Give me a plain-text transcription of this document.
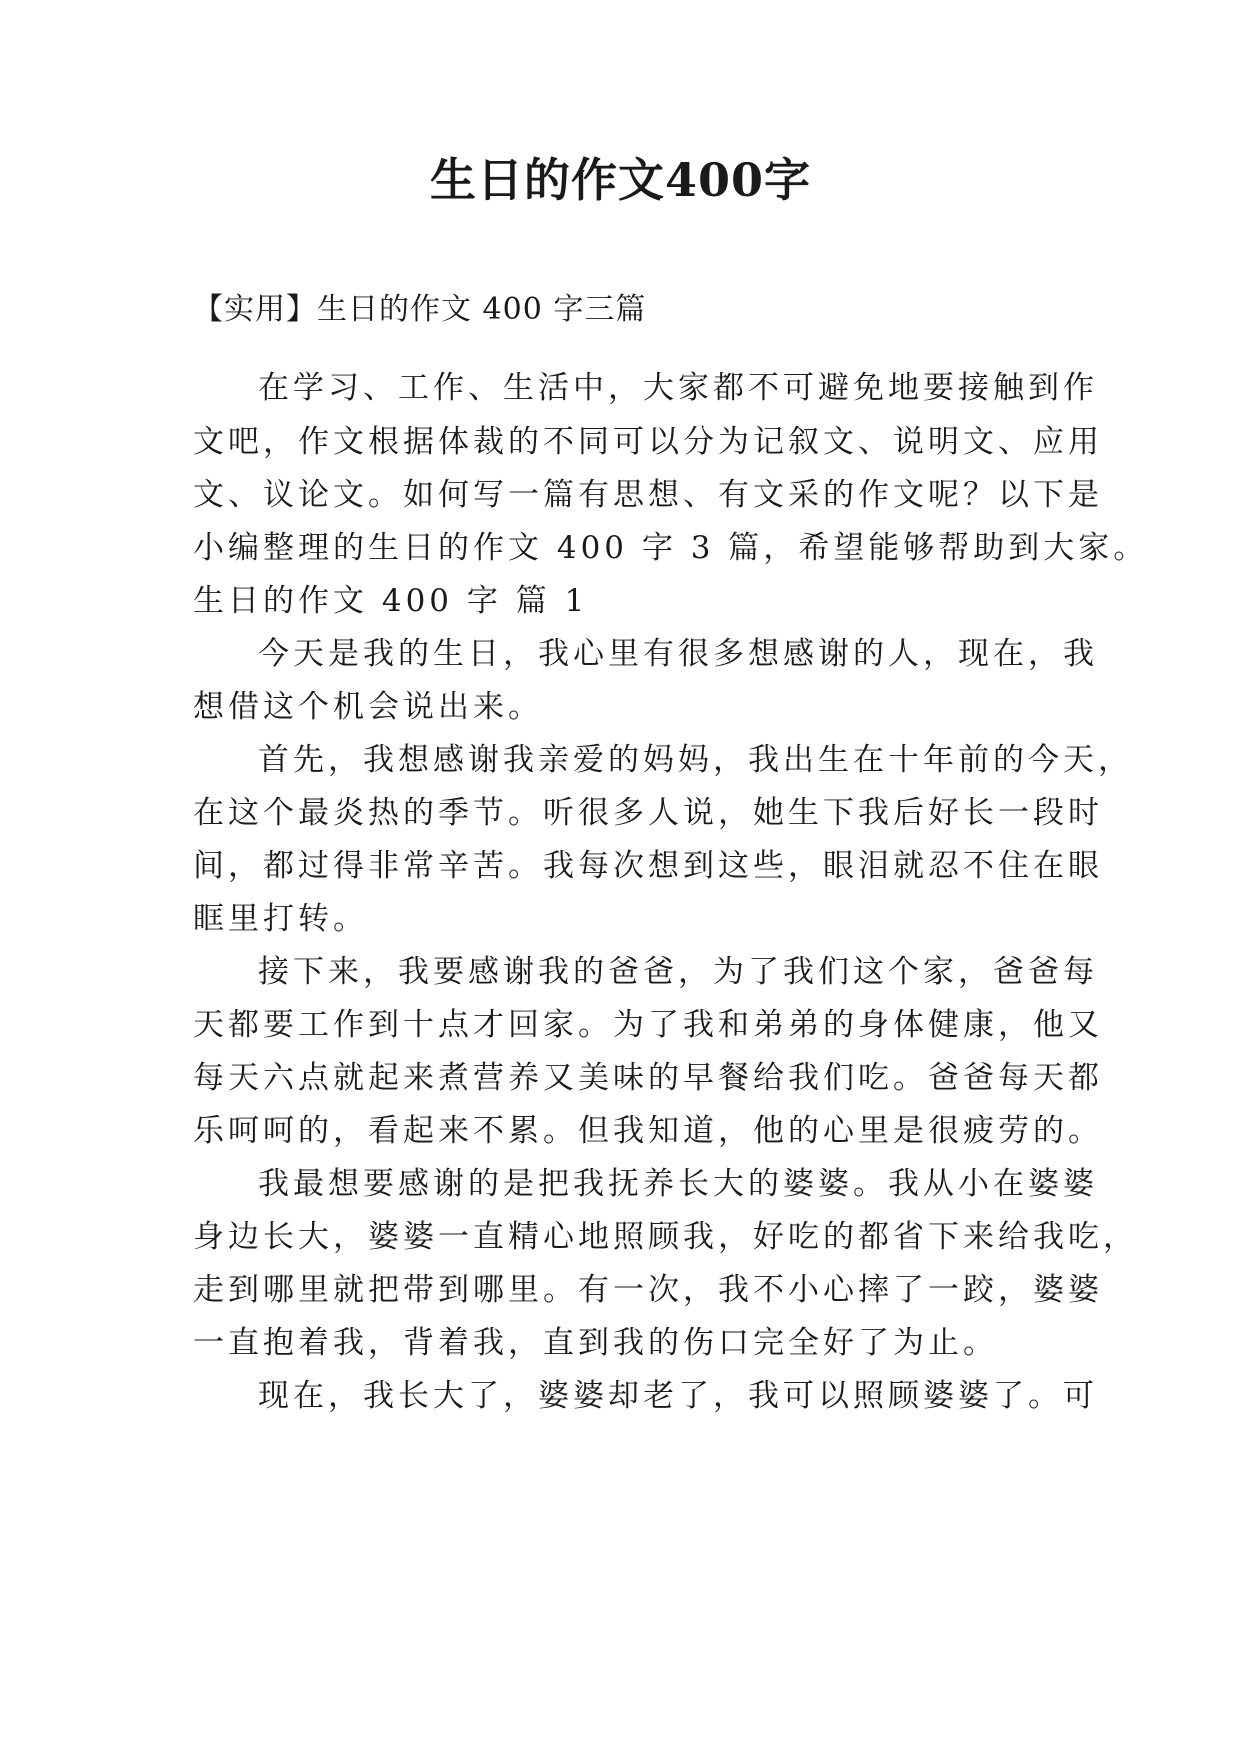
生日的作文400字
【实用】生日的作文 400 字三篇
在学习、工作、生活中，大家都不可避免地要接触到作
文吧，作文根据体裁的不同可以分为记叙文、说明文、应用
文、议论文。如何写一篇有思想、有文采的作文呢？以下是
小编整理的生日的作文 400 字 3 篇，希望能够帮助到大家。
生日的作文 400 字 篇 1
今天是我的生日，我心里有很多想感谢的人，现在，我
想借这个机会说出来。
首先，我想感谢我亲爱的妈妈，我出生在十年前的今天，
在这个最炎热的季节。听很多人说，她生下我后好长一段时
间，都过得非常辛苦。我每次想到这些，眼泪就忍不住在眼
眶里打转。
接下来，我要感谢我的爸爸，为了我们这个家，爸爸每
天都要工作到十点才回家。为了我和弟弟的身体健康，他又
每天六点就起来煮营养又美味的早餐给我们吃。爸爸每天都
乐呵呵的，看起来不累。但我知道，他的心里是很疲劳的。
我最想要感谢的是把我抚养长大的婆婆。我从小在婆婆
身边长大，婆婆一直精心地照顾我，好吃的都省下来给我吃，
走到哪里就把带到哪里。有一次，我不小心摔了一跤，婆婆
一直抱着我，背着我，直到我的伤口完全好了为止。
现在，我长大了，婆婆却老了，我可以照顾婆婆了。可
